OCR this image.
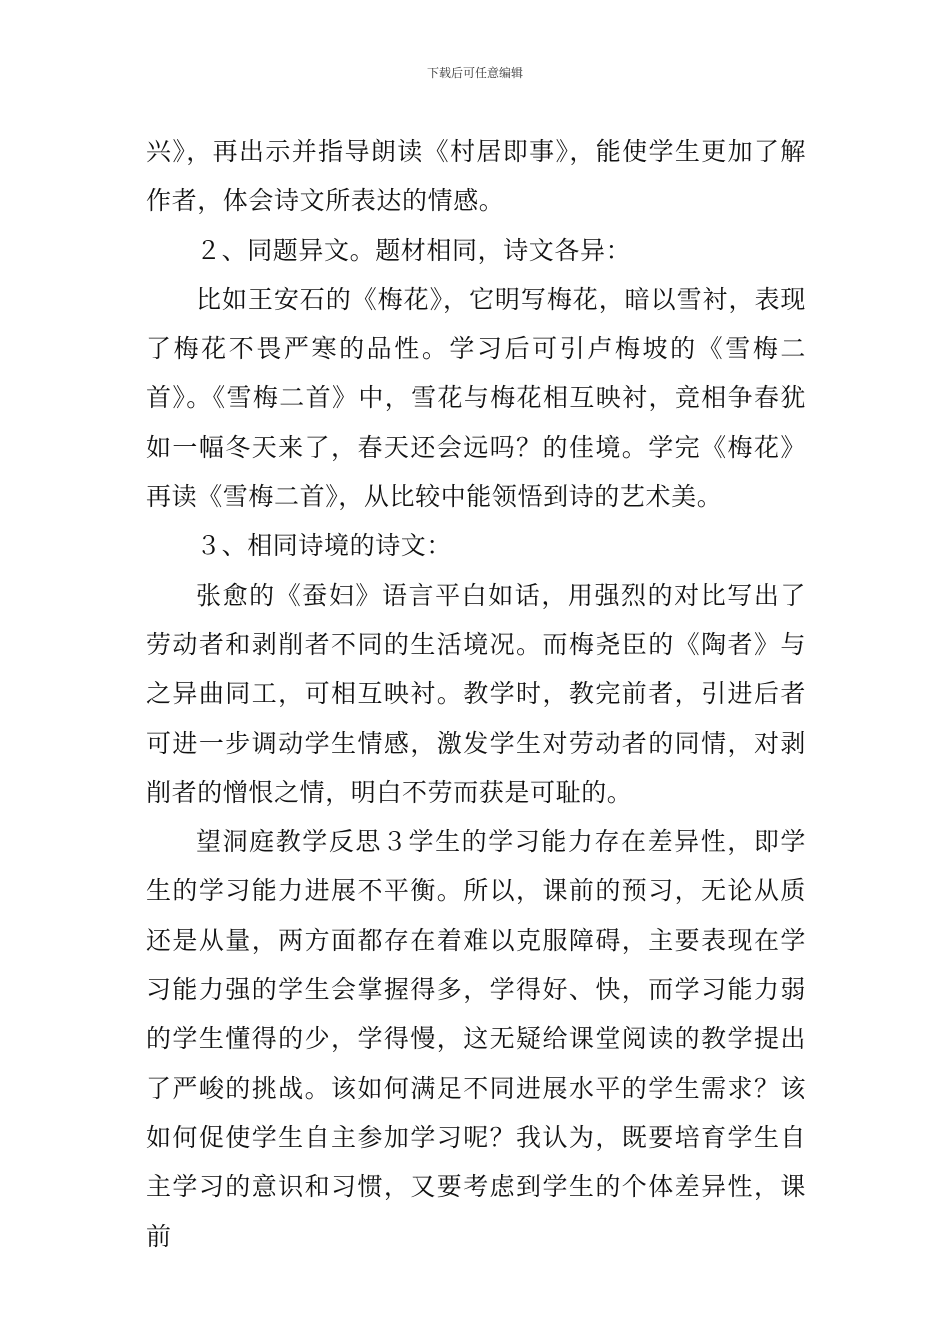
下载后可任意编辑

兴》，再出示并指导朗读《村居即事》，能使学生更加了解作者，体会诗文所表达的情感。

２、同题异文。题材相同，诗文各异：

比如王安石的《梅花》，它明写梅花，暗以雪衬，表现了梅花不畏严寒的品性。学习后可引卢梅坡的《雪梅二首》。《雪梅二首》中，雪花与梅花相互映衬，竞相争春犹如一幅冬天来了，春天还会远吗？的佳境。学完《梅花》再读《雪梅二首》，从比较中能领悟到诗的艺术美。

３、相同诗境的诗文：

张愈的《蚕妇》语言平白如话，用强烈的对比写出了劳动者和剥削者不同的生活境况。而梅尧臣的《陶者》与之异曲同工，可相互映衬。教学时，教完前者，引进后者可进一步调动学生情感，激发学生对劳动者的同情，对剥削者的憎恨之情，明白不劳而获是可耻的。

望洞庭教学反思３学生的学习能力存在差异性，即学生的学习能力进展不平衡。所以，课前的预习，无论从质还是从量，两方面都存在着难以克服障碍，主要表现在学习能力强的学生会掌握得多，学得好、快，而学习能力弱的学生懂得的少，学得慢，这无疑给课堂阅读的教学提出了严峻的挑战。该如何满足不同进展水平的学生需求？该如何促使学生自主参加学习呢？我认为，既要培育学生自主学习的意识和习惯，又要考虑到学生的个体差异性，课前
